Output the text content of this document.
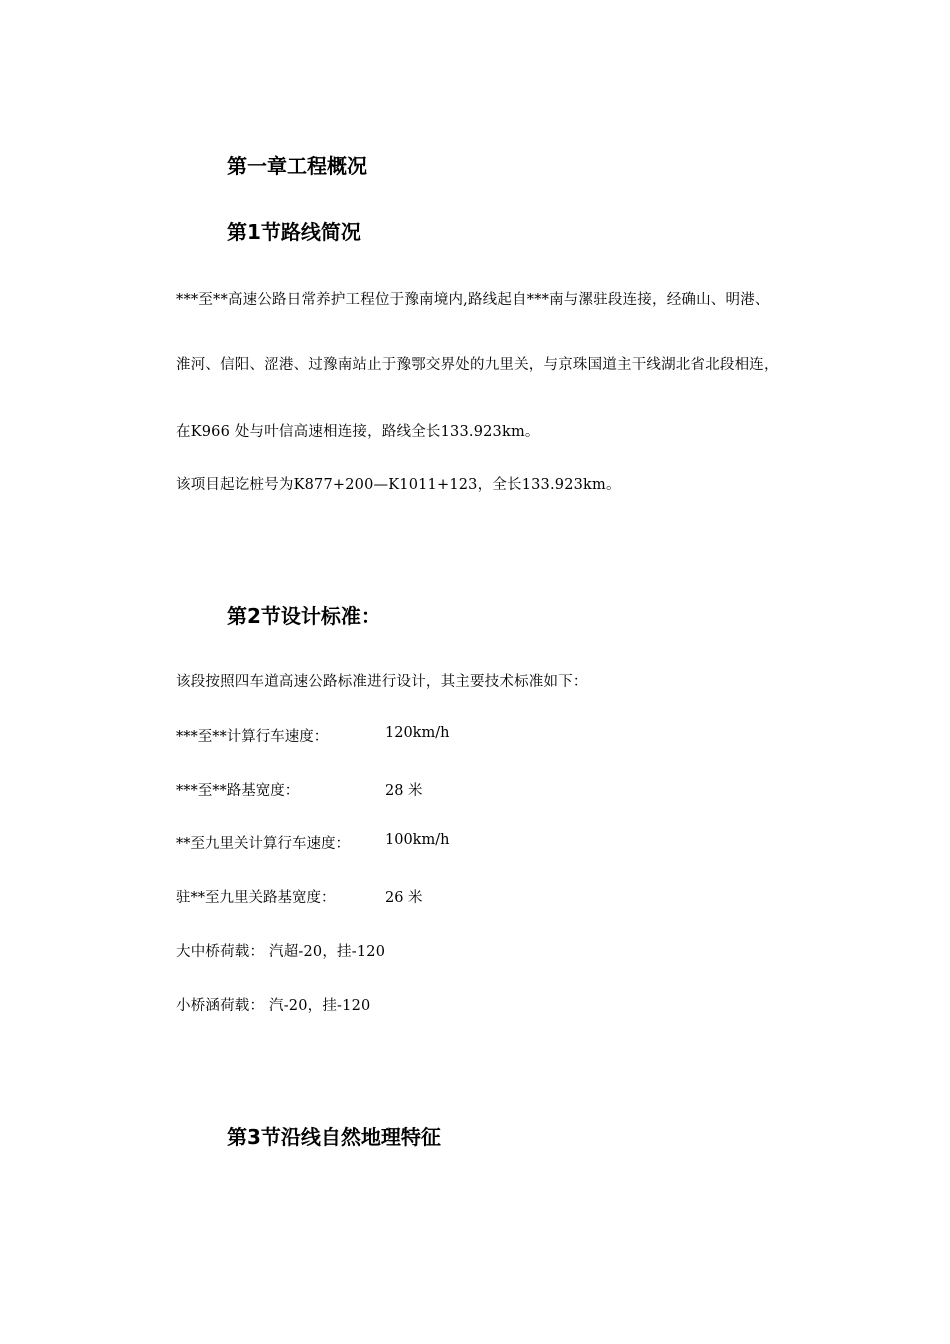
第一章工程概况
第1节路线简况
***至**高速公路日常养护工程位于豫南境内,路线起自***南与漯驻段连接，经确山、明港、
淮河、信阳、涩港、过豫南站止于豫鄂交界处的九里关，与京珠国道主干线湖北省北段相连，
在K966 处与叶信高速相连接，路线全长133.923km。
该项目起讫桩号为K877+200—K1011+123，全长133.923km。
第2节设计标准：
该段按照四车道高速公路标准进行设计，其主要技术标准如下：
***至**计算行车速度：	120km/h
***至**路基宽度：	28 米
**至九里关计算行车速度： 100km/h
驻**至九里关路基宽度：	26 米
大中桥荷载： 汽超-20，挂-120
小桥涵荷载： 汽-20，挂-120
第3节沿线自然地理特征
